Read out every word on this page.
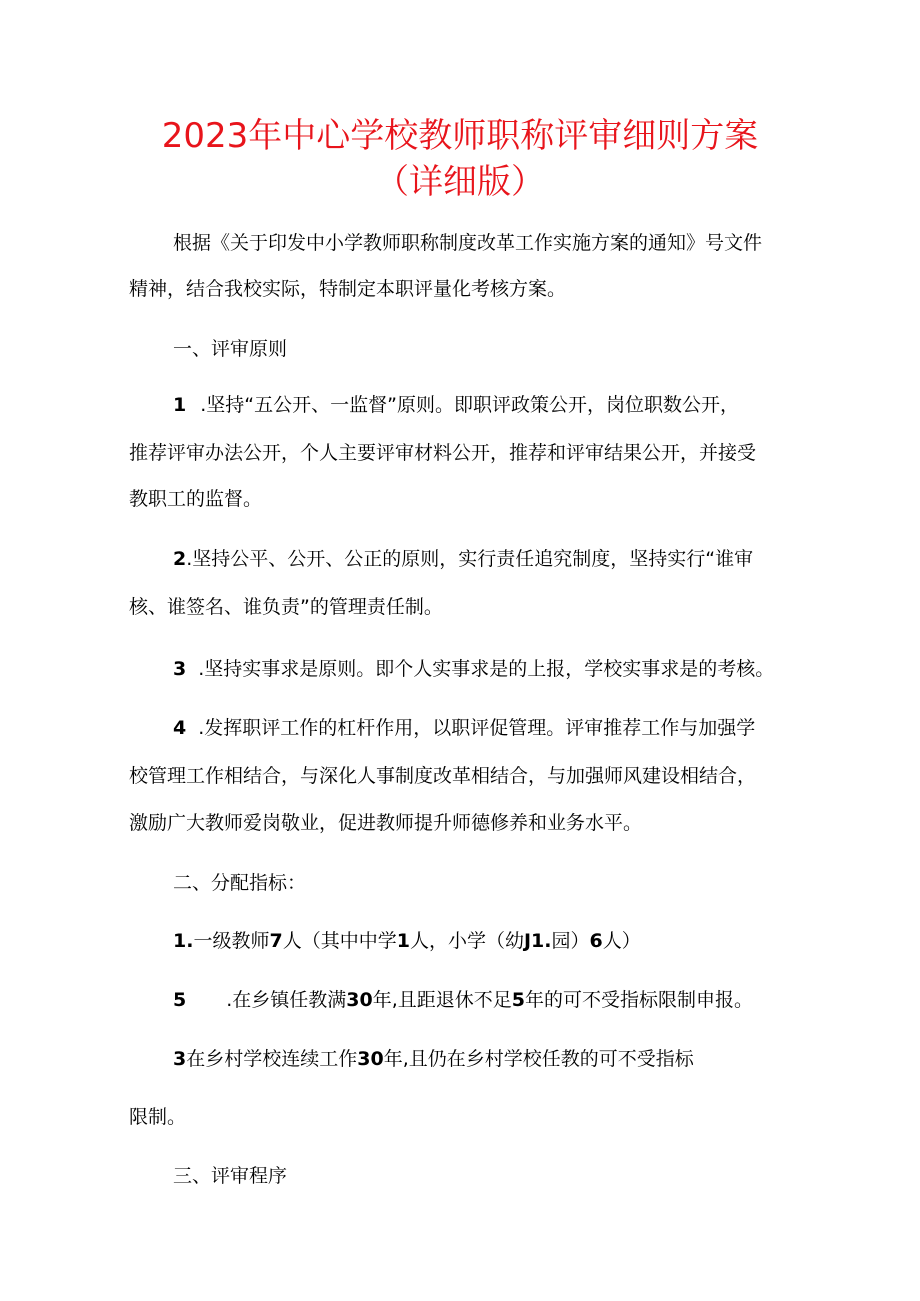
2023年中心学校教师职称评审细则方案
（详细版）
根据《关于印发中小学教师职称制度改革工作实施方案的通知》号文件
精神，结合我校实际，特制定本职评量化考核方案。
一、评审原则
1 .坚持“五公开、一监督”原则。即职评政策公开，岗位职数公开，
推荐评审办法公开，个人主要评审材料公开，推荐和评审结果公开，并接受
教职工的监督。
2.坚持公平、公开、公正的原则，实行责任追究制度，坚持实行“谁审
核、谁签名、谁负责”的管理责任制。
3 .坚持实事求是原则。即个人实事求是的上报，学校实事求是的考核。
4 .发挥职评工作的杠杆作用，以职评促管理。评审推荐工作与加强学
校管理工作相结合，与深化人事制度改革相结合，与加强师风建设相结合，
激励广大教师爱岗敬业，促进教师提升师德修养和业务水平。
二、分配指标：
1.一级教师7人（其中中学1人，小学（幼J1.园）6人）
5 .在乡镇任教满30年,且距退休不足5年的可不受指标限制申报。
3在乡村学校连续工作30年,且仍在乡村学校任教的可不受指标
限制。
三、评审程序
